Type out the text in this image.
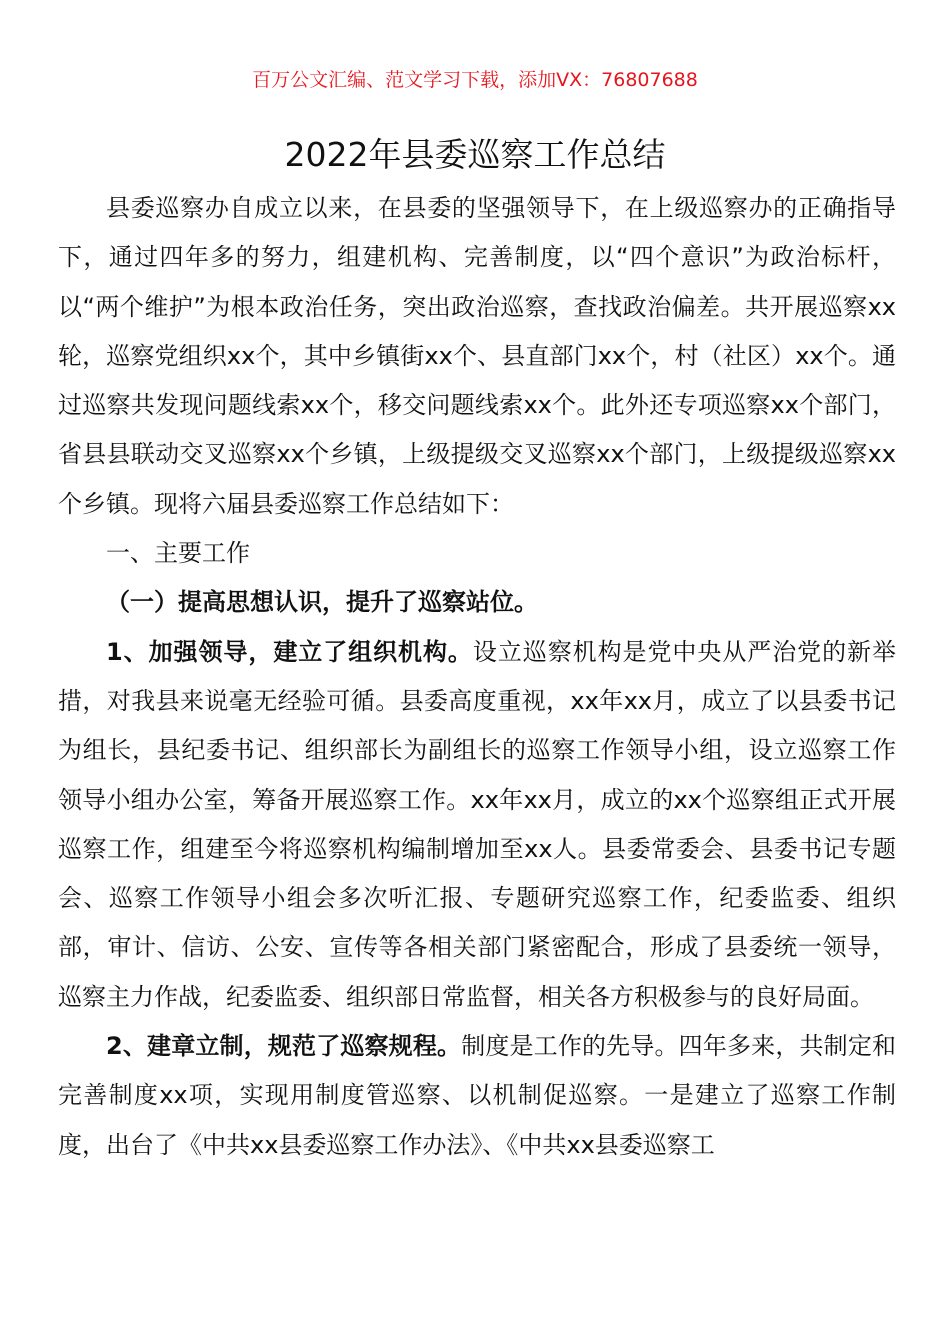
百万公文汇编、范文学习下载，添加VX：76807688
2022年县委巡察工作总结

县委巡察办自成立以来，在县委的坚强领导下，在上级巡察办的正确指导下，通过四年多的努力，组建机构、完善制度，以“四个意识”为政治标杆，以“两个维护”为根本政治任务，突出政治巡察，查找政治偏差。共开展巡察xx轮，巡察党组织xx个，其中乡镇街xx个、县直部门xx个，村（社区）xx个。通过巡察共发现问题线索xx个，移交问题线索xx个。此外还专项巡察xx个部门，省县县联动交叉巡察xx个乡镇，上级提级交叉巡察xx个部门，上级提级巡察xx个乡镇。现将六届县委巡察工作总结如下：

一、主要工作

（一）提高思想认识，提升了巡察站位。

1、加强领导，建立了组织机构。设立巡察机构是党中央从严治党的新举措，对我县来说毫无经验可循。县委高度重视，xx年xx月，成立了以县委书记为组长，县纪委书记、组织部长为副组长的巡察工作领导小组，设立巡察工作领导小组办公室，筹备开展巡察工作。xx年xx月，成立的xx个巡察组正式开展巡察工作，组建至今将巡察机构编制增加至xx人。县委常委会、县委书记专题会、巡察工作领导小组会多次听汇报、专题研究巡察工作，纪委监委、组织部，审计、信访、公安、宣传等各相关部门紧密配合，形成了县委统一领导，巡察主力作战，纪委监委、组织部日常监督，相关各方积极参与的良好局面。

2、建章立制，规范了巡察规程。制度是工作的先导。四年多来，共制定和完善制度xx项，实现用制度管巡察、以机制促巡察。一是建立了巡察工作制度，出台了《中共xx县委巡察工作办法》、《中共xx县委巡察工
